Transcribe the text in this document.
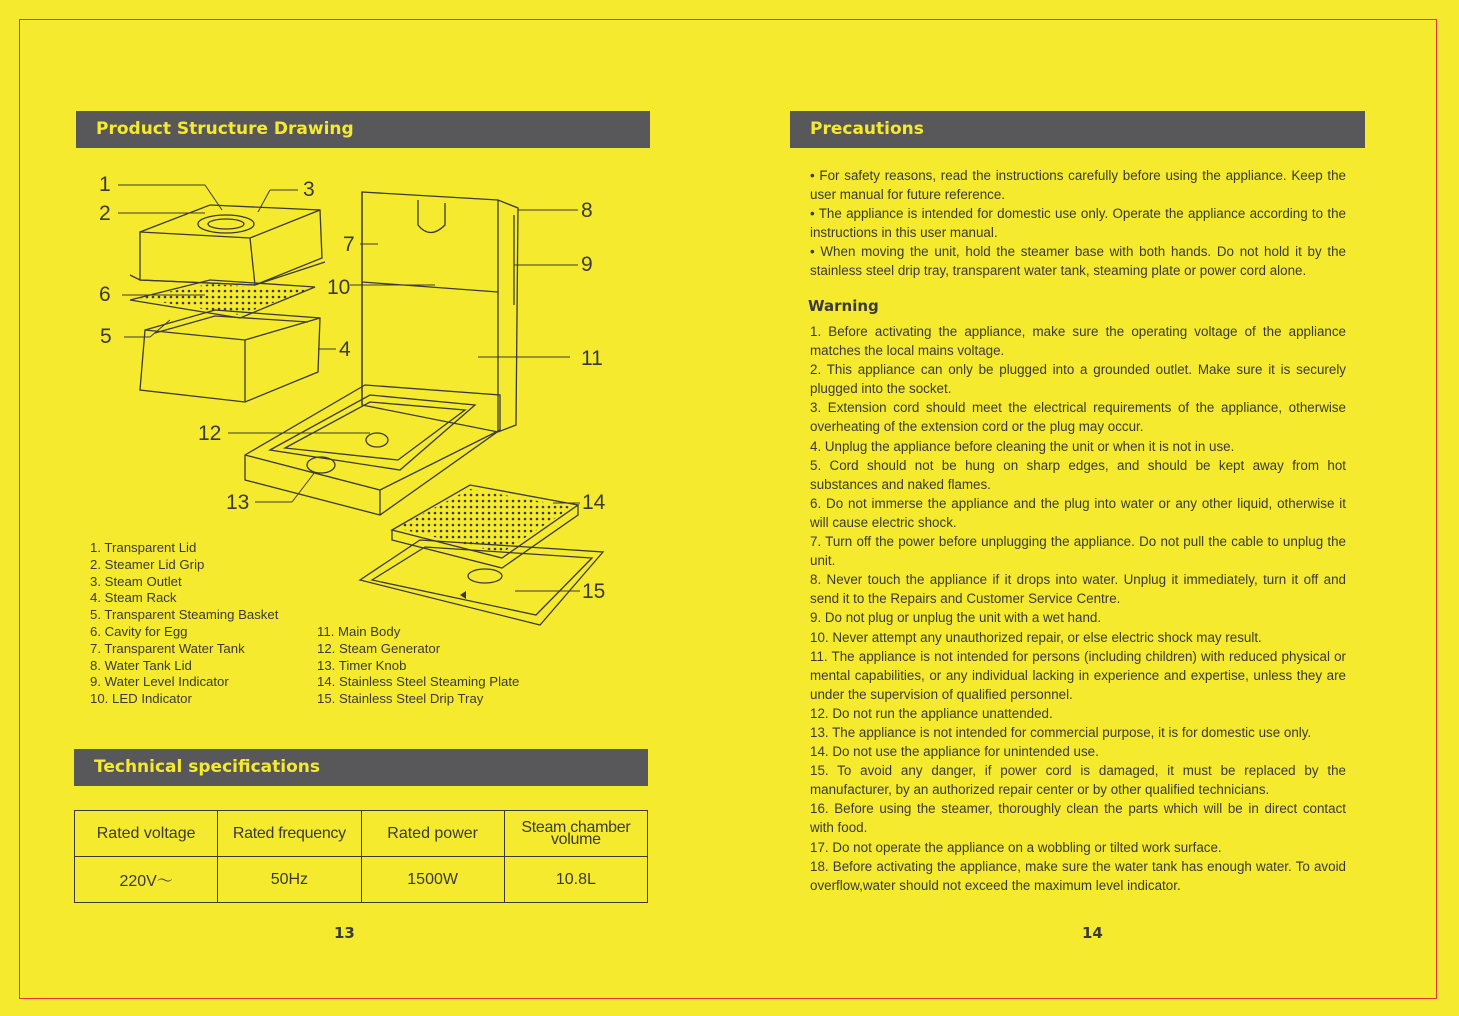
Product Structure Drawing
1
2
3
4
5
6
7
8
9
10
11
12
13	14
15
1. Transparent Lid
2. Steamer Lid Grip
3. Steam Outlet
4. Steam Rack
5. Transparent Steaming Basket
6. Cavity for Egg
7. Transparent Water Tank
8. Water Tank Lid
9. Water Level Indicator
10. LED Indicator
11. Main Body
12. Steam Generator
13. Timer Knob
14. Stainless Steel Steaming Plate
15. Stainless Steel Drip Tray
Technical specifications
Rated voltage	Rated frequency	Rated power	Steam chamber volume
220V～	50Hz	1500W	10.8L
13
Precautions

• For safety reasons, read the instructions carefully before using the appliance. Keep the user manual for future reference.

• The appliance is intended for domestic use only. Operate the appliance according to the instructions in this user manual.

• When moving the unit, hold the steamer base with both hands. Do not hold it by the stainless steel drip tray, transparent water tank, steaming plate or power cord alone.

Warning

1. Before activating the appliance, make sure the operating voltage of the appliance matches the local mains voltage.

2. This appliance can only be plugged into a grounded outlet. Make sure it is securely plugged into the socket.

3. Extension cord should meet the electrical requirements of the appliance, otherwise overheating of the extension cord or the plug may occur.

4. Unplug the appliance before cleaning the unit or when it is not in use.

5. Cord should not be hung on sharp edges, and should be kept away from hot substances and naked flames.

6. Do not immerse the appliance and the plug into water or any other liquid, otherwise it will cause electric shock.

7. Turn off the power before unplugging the appliance. Do not pull the cable to unplug the unit.

8. Never touch the appliance if it drops into water. Unplug it immediately, turn it off and send it to the Repairs and Customer Service Centre.

9. Do not plug or unplug the unit with a wet hand.

10. Never attempt any unauthorized repair, or else electric shock may result.

11. The appliance is not intended for persons (including children) with reduced physical or mental capabilities, or any individual lacking in experience and expertise, unless they are under the supervision of qualified personnel.

12. Do not run the appliance unattended.

13. The appliance is not intended for commercial purpose, it is for domestic use only.

14. Do not use the appliance for unintended use.

15. To avoid any danger, if power cord is damaged, it must be replaced by the manufacturer, by an authorized repair center or by other qualified technicians.

16. Before using the steamer, thoroughly clean the parts which will be in direct contact with food.

17. Do not operate the appliance on a wobbling or tilted work surface.

18. Before activating the appliance, make sure the water tank has enough water. To avoid overflow,water should not exceed the maximum level indicator.

14
